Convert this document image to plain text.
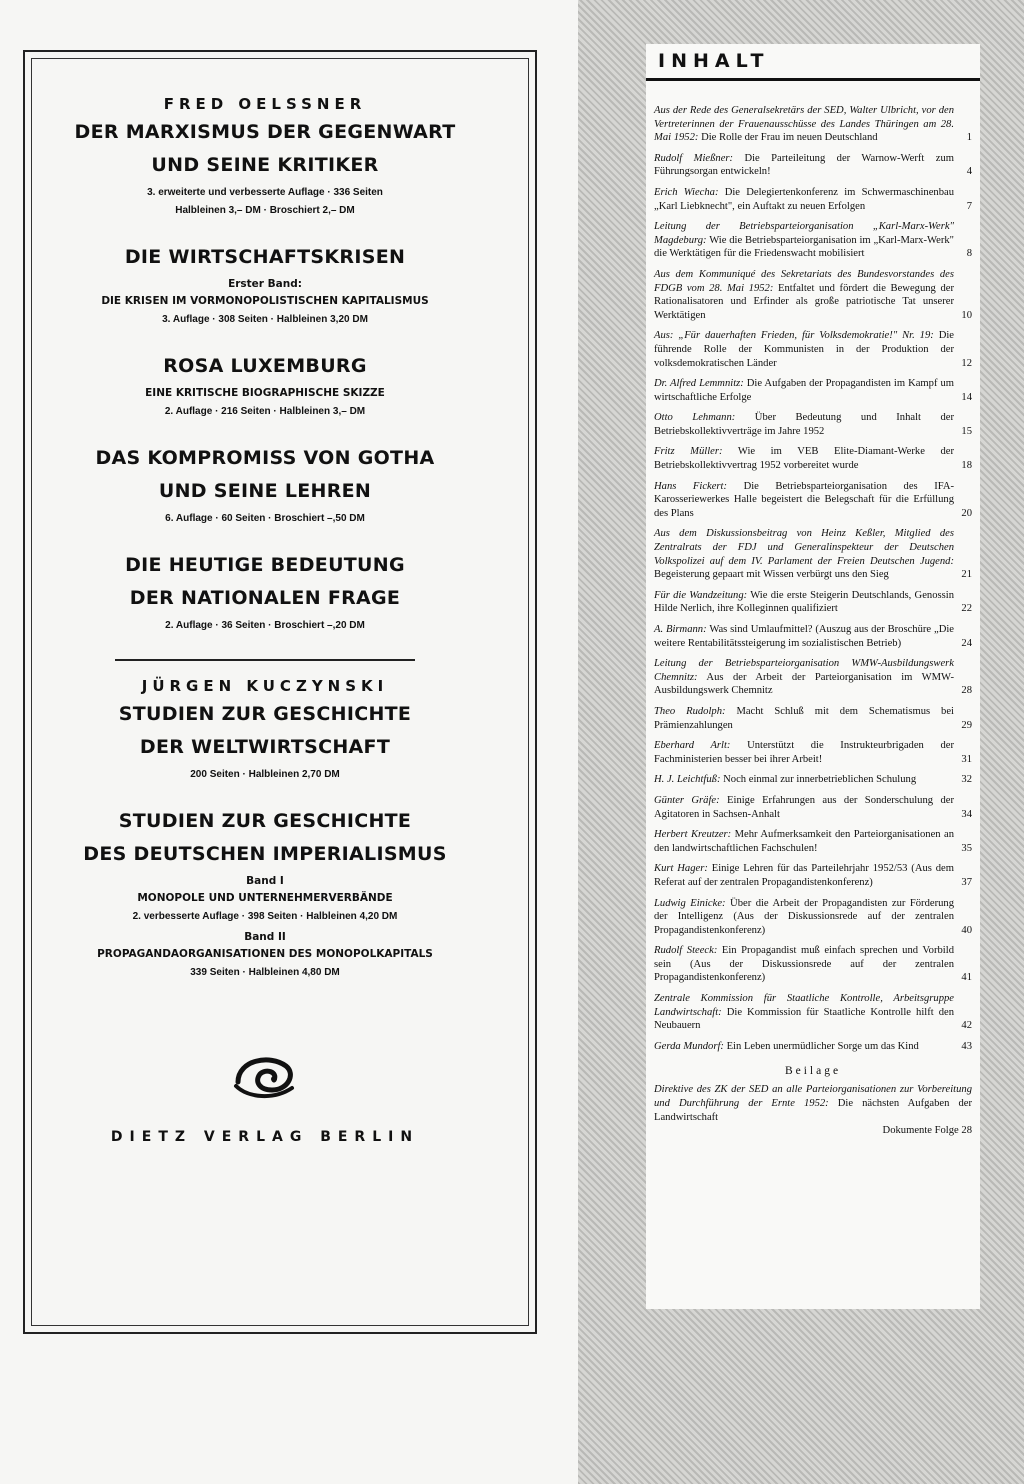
FRED OELSSNER
DER MARXISMUS DER GEGENWART
UND SEINE KRITIKER
3. erweiterte und verbesserte Auflage · 336 Seiten
Halbleinen 3,– DM · Broschiert 2,– DM
DIE WIRTSCHAFTSKRISEN
Erster Band:
DIE KRISEN IM VORMONOPOLISTISCHEN KAPITALISMUS
3. Auflage · 308 Seiten · Halbleinen 3,20 DM
ROSA LUXEMBURG
EINE KRITISCHE BIOGRAPHISCHE SKIZZE
2. Auflage · 216 Seiten · Halbleinen 3,– DM
DAS KOMPROMISS VON GOTHA
UND SEINE LEHREN
6. Auflage · 60 Seiten · Broschiert –,50 DM
DIE HEUTIGE BEDEUTUNG
DER NATIONALEN FRAGE
2. Auflage · 36 Seiten · Broschiert –,20 DM
JÜRGEN KUCZYNSKI
STUDIEN ZUR GESCHICHTE
DER WELTWIRTSCHAFT
200 Seiten · Halbleinen 2,70 DM
STUDIEN ZUR GESCHICHTE
DES DEUTSCHEN IMPERIALISMUS
Band I
MONOPOLE UND UNTERNEHMERVERBÄNDE
2. verbesserte Auflage · 398 Seiten · Halbleinen 4,20 DM
Band II
PROPAGANDAORGANISATIONEN DES MONOPOLKAPITALS
339 Seiten · Halbleinen 4,80 DM
DIETZ VERLAG BERLIN
INHALT
Aus der Rede des Generalsekretärs der SED, Walter Ulbricht, vor den Vertreterinnen der Frauenausschüsse des Landes Thüringen am 28. Mai 1952: Die Rolle der Frau im neuen Deutschland	1
Rudolf Mießner: Die Parteileitung der Warnow-Werft zum Führungsorgan entwickeln!	4
Erich Wiecha: Die Delegiertenkonferenz im Schwermaschinenbau „Karl Liebknecht", ein Auftakt zu neuen Erfolgen	7
Leitung der Betriebsparteiorganisation „Karl-Marx-Werk" Magdeburg: Wie die Betriebsparteiorganisation im „Karl-Marx-Werk" die Werktätigen für die Friedenswacht mobilisiert	8
Aus dem Kommuniqué des Sekretariats des Bundesvorstandes des FDGB vom 28. Mai 1952: Entfaltet und fördert die Bewegung der Rationalisatoren und Erfinder als große patriotische Tat unserer Werktätigen	10
Aus: „Für dauerhaften Frieden, für Volksdemokratie!" Nr. 19: Die führende Rolle der Kommunisten in der Produktion der volksdemokratischen Länder	12
Dr. Alfred Lemmnitz: Die Aufgaben der Propagandisten im Kampf um wirtschaftliche Erfolge	14
Otto Lehmann: Über Bedeutung und Inhalt der Betriebskollektivverträge im Jahre 1952	15
Fritz Müller: Wie im VEB Elite-Diamant-Werke der Betriebskollektivvertrag 1952 vorbereitet wurde	18
Hans Fickert: Die Betriebsparteiorganisation des IFA-Karosseriewerkes Halle begeistert die Belegschaft für die Erfüllung des Plans	20
Aus dem Diskussionsbeitrag von Heinz Keßler, Mitglied des Zentralrats der FDJ und Generalinspekteur der Deutschen Volkspolizei auf dem IV. Parlament der Freien Deutschen Jugend: Begeisterung gepaart mit Wissen verbürgt uns den Sieg	21
Für die Wandzeitung: Wie die erste Steigerin Deutschlands, Genossin Hilde Nerlich, ihre Kolleginnen qualifiziert	22
A. Birmann: Was sind Umlaufmittel? (Auszug aus der Broschüre „Die weitere Rentabilitätssteigerung im sozialistischen Betrieb)	24
Leitung der Betriebsparteiorganisation WMW-Ausbildungswerk Chemnitz: Aus der Arbeit der Parteiorganisation im WMW-Ausbildungswerk Chemnitz	28
Theo Rudolph: Macht Schluß mit dem Schematismus bei Prämienzahlungen	29
Eberhard Arlt: Unterstützt die Instrukteurbrigaden der Fachministerien besser bei ihrer Arbeit!	31
H. J. Leichtfuß: Noch einmal zur innerbetrieblichen Schulung	32
Günter Gräfe: Einige Erfahrungen aus der Sonderschulung der Agitatoren in Sachsen-Anhalt	34
Herbert Kreutzer: Mehr Aufmerksamkeit den Parteiorganisationen an den landwirtschaftlichen Fachschulen!	35
Kurt Hager: Einige Lehren für das Parteilehrjahr 1952/53 (Aus dem Referat auf der zentralen Propagandistenkonferenz)	37
Ludwig Einicke: Über die Arbeit der Propagandisten zur Förderung der Intelligenz (Aus der Diskussionsrede auf der zentralen Propagandistenkonferenz)	40
Rudolf Steeck: Ein Propagandist muß einfach sprechen und Vorbild sein (Aus der Diskussionsrede auf der zentralen Propagandistenkonferenz)	41
Zentrale Kommission für Staatliche Kontrolle, Arbeitsgruppe Landwirtschaft: Die Kommission für Staatliche Kontrolle hilft den Neubauern	42
Gerda Mundorf: Ein Leben unermüdlicher Sorge um das Kind	43
Beilage
Direktive des ZK der SED an alle Parteiorganisationen zur Vorbereitung und Durchführung der Ernte 1952: Die nächsten Aufgaben der Landwirtschaft
Dokumente Folge 28
